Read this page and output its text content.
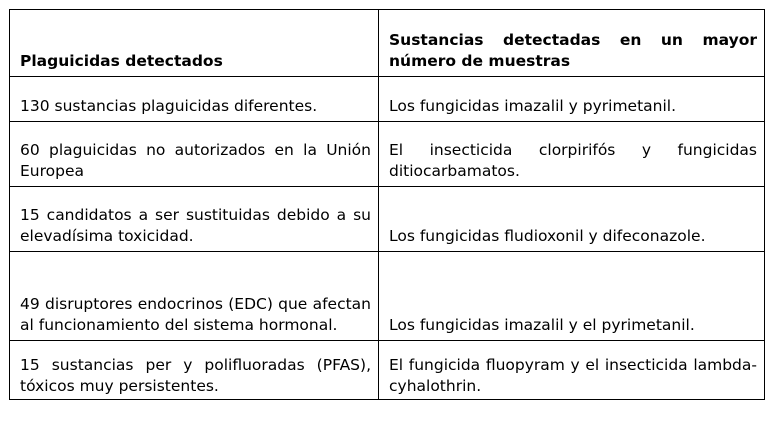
Plaguicidas detectados	Sustancias detectadas en un mayor número de muestras
130 sustancias plaguicidas diferentes.	Los fungicidas imazalil y pyrimetanil.
60 plaguicidas no autorizados en la Unión Europea	El insecticida clorpirifós y fungicidas ditiocarbamatos.
15 candidatos a ser sustituidas debido a su elevadísima toxicidad.	Los fungicidas fludioxonil y difeconazole.
49 disruptores endocrinos (EDC) que afectan al funcionamiento del sistema hormonal.	Los fungicidas imazalil y el pyrimetanil.
15 sustancias per y polifluoradas (PFAS), tóxicos muy persistentes.	El fungicida fluopyram y el insecticida lambda-cyhalothrin.
